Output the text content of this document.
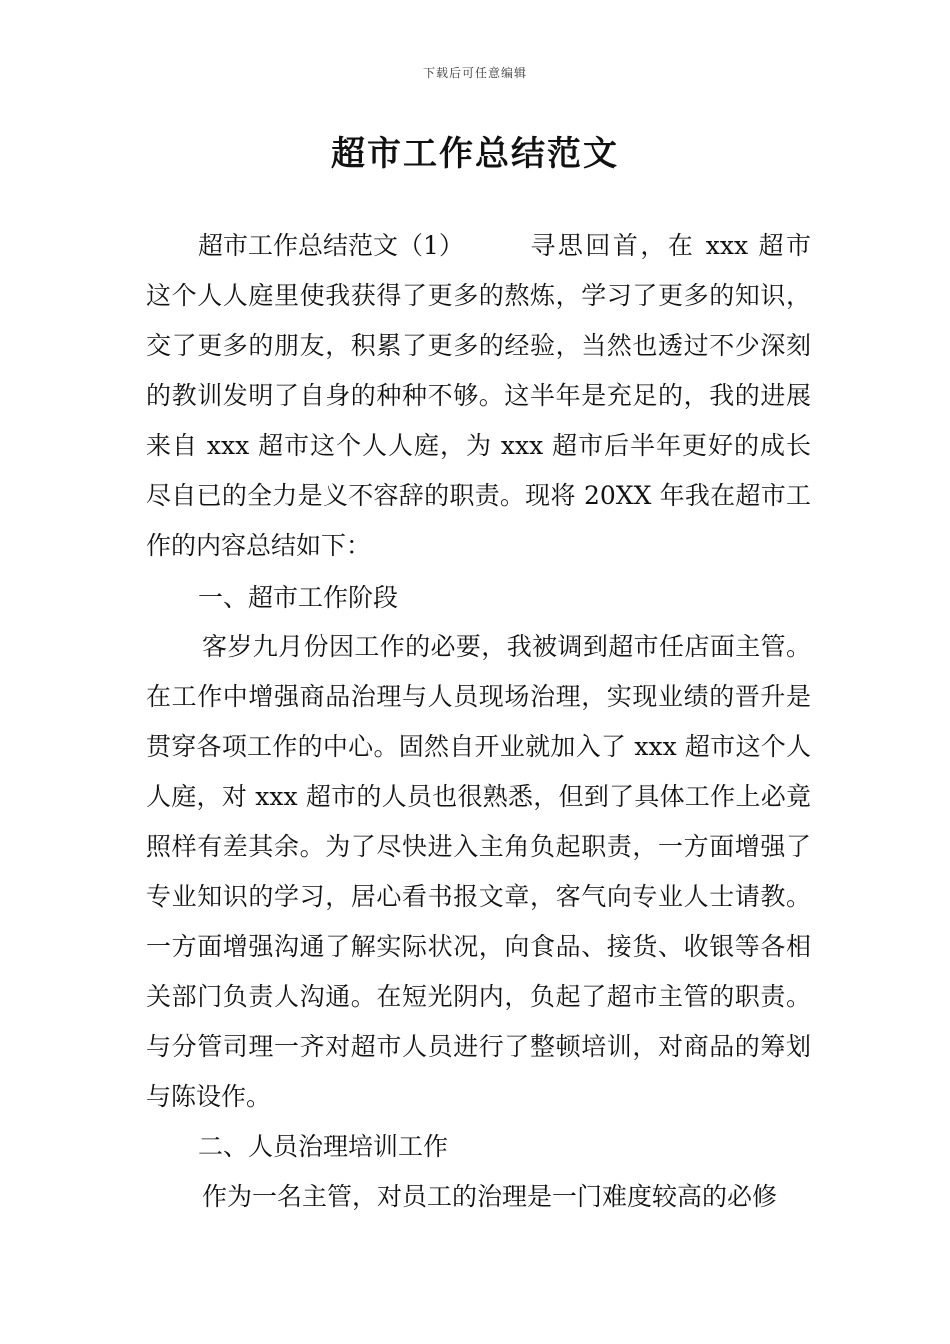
下载后可任意编辑
超市工作总结范文
超市工作总结范文（1）	寻思回首，在 xxx 超市这个人人庭里使我获得了更多的熬炼，学习了更多的知识，交了更多的朋友，积累了更多的经验，当然也透过不少深刻的教训发明了自身的种种不够。这半年是充足的，我的进展来自 xxx 超市这个人人庭，为 xxx 超市后半年更好的成长尽自已的全力是义不容辞的职责。现将 20XX 年我在超市工作的内容总结如下：
一、超市工作阶段
客岁九月份因工作的必要，我被调到超市任店面主管。在工作中增强商品治理与人员现场治理，实现业绩的晋升是贯穿各项工作的中心。固然自开业就加入了 xxx 超市这个人人庭，对 xxx 超市的人员也很熟悉，但到了具体工作上必竟照样有差其余。为了尽快进入主角负起职责，一方面增强了专业知识的学习，居心看书报文章，客气向专业人士请教。一方面增强沟通了解实际状况，向食品、接货、收银等各相关部门负责人沟通。在短光阴内，负起了超市主管的职责。与分管司理一齐对超市人员进行了整顿培训，对商品的筹划与陈设作。
二、人员治理培训工作
作为一名主管，对员工的治理是一门难度较高的必修
